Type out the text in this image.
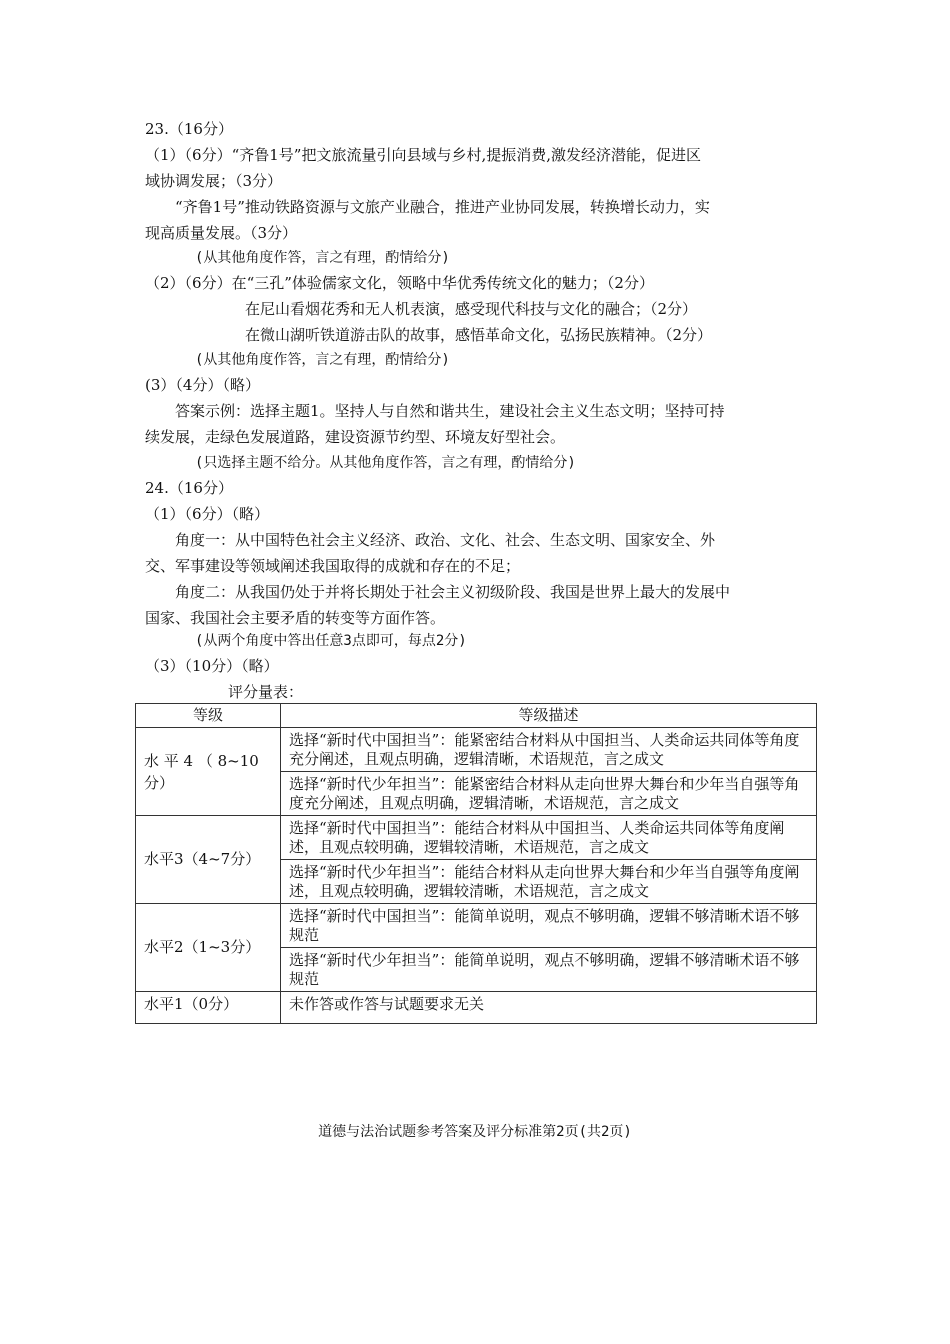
23.（16分）
（1）（6分）“齐鲁1号”把文旅流量引向县域与乡村,提振消费,激发经济潜能，促进区
域协调发展；（3分）
“齐鲁1号”推动铁路资源与文旅产业融合，推进产业协同发展，转换增长动力，实
现高质量发展。（3分）
(从其他角度作答，言之有理，酌情给分)
（2）（6分）在“三孔”体验儒家文化，领略中华优秀传统文化的魅力；（2分）
在尼山看烟花秀和无人机表演，感受现代科技与文化的融合；（2分）
在微山湖听铁道游击队的故事，感悟革命文化，弘扬民族精神。（2分）
(从其他角度作答，言之有理，酌情给分)
(3）（4分）（略）
答案示例：选择主题1。坚持人与自然和谐共生，建设社会主义生态文明；坚持可持
续发展，走绿色发展道路，建设资源节约型、环境友好型社会。
(只选择主题不给分。从其他角度作答，言之有理，酌情给分)
24.（16分）
（1）（6分）（略）
角度一：从中国特色社会主义经济、政治、文化、社会、生态文明、国家安全、外
交、军事建设等领域阐述我国取得的成就和存在的不足；
角度二：从我国仍处于并将长期处于社会主义初级阶段、我国是世界上最大的发展中
国家、我国社会主要矛盾的转变等方面作答。
(从两个角度中答出任意3点即可，每点2分)
（3）（10分）（略）
评分量表：
等级	等级描述
水 平 4 （ 8~10分）	选择“新时代中国担当”：能紧密结合材料从中国担当、人类命运共同体等角度充分阐述，且观点明确，逻辑清晰，术语规范，言之成文
	选择“新时代少年担当”：能紧密结合材料从走向世界大舞台和少年当自强等角度充分阐述，且观点明确，逻辑清晰，术语规范，言之成文
水平3（4~7分）	选择“新时代中国担当”：能结合材料从中国担当、人类命运共同体等角度阐述，且观点较明确，逻辑较清晰，术语规范，言之成文
	选择“新时代少年担当”：能结合材料从走向世界大舞台和少年当自强等角度阐述，且观点较明确，逻辑较清晰，术语规范，言之成文
水平2（1~3分）	选择“新时代中国担当”：能简单说明，观点不够明确，逻辑不够清晰术语不够规范
	选择“新时代少年担当”：能简单说明，观点不够明确，逻辑不够清晰术语不够规范
水平1（0分）	未作答或作答与试题要求无关
道德与法治试题参考答案及评分标准第2页(共2页)
